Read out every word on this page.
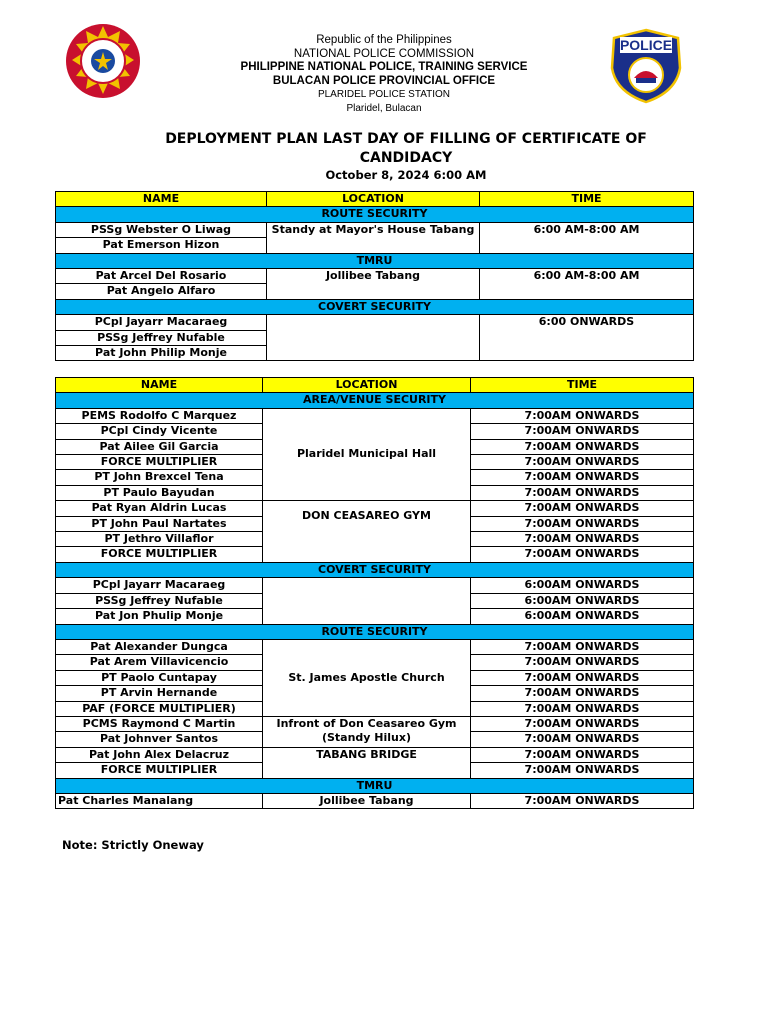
POLICE
Republic of the Philippines
NATIONAL POLICE COMMISSION
PHILIPPINE NATIONAL POLICE, TRAINING SERVICE
BULACAN POLICE PROVINCIAL OFFICE
PLARIDEL POLICE STATION
Plaridel, Bulacan
DEPLOYMENT PLAN LAST DAY OF FILLING OF CERTIFICATE OF CANDIDACY
October 8, 2024 6:00 AM
NAME	LOCATION	TIME
ROUTE SECURITY		
PSSg Webster O Liwag	Standy at Mayor's House Tabang	6:00 AM-8:00 AM
Pat Emerson Hizon		
TMRU		
Pat Arcel Del Rosario	Jollibee Tabang	6:00 AM-8:00 AM
Pat Angelo Alfaro		
COVERT SECURITY		
PCpl Jayarr Macaraeg		6:00 ONWARDS
PSSg Jeffrey Nufable		
Pat John Philip Monje		
NAME	LOCATION	TIME
AREA/VENUE SECURITY		
PEMS Rodolfo C Marquez	Plaridel Municipal Hall	7:00AM ONWARDS
PCpl Cindy Vicente		7:00AM ONWARDS
Pat Ailee Gil Garcia		7:00AM ONWARDS
FORCE MULTIPLIER		7:00AM ONWARDS
PT John Brexcel Tena		7:00AM ONWARDS
PT Paulo Bayudan		7:00AM ONWARDS
Pat Ryan Aldrin Lucas	DON CEASAREO GYM	7:00AM ONWARDS
PT John Paul Nartates		7:00AM ONWARDS
PT Jethro Villaflor		7:00AM ONWARDS
FORCE MULTIPLIER		7:00AM ONWARDS
COVERT SECURITY		
PCpl Jayarr Macaraeg		6:00AM ONWARDS
PSSg Jeffrey Nufable		6:00AM ONWARDS
Pat Jon Phulip Monje		6:00AM ONWARDS
ROUTE SECURITY		
Pat Alexander Dungca	St. James Apostle Church	7:00AM ONWARDS
Pat Arem Villavicencio		7:00AM ONWARDS
PT Paolo Cuntapay		7:00AM ONWARDS
PT Arvin Hernande		7:00AM ONWARDS
PAF (FORCE MULTIPLIER)		7:00AM ONWARDS
PCMS Raymond C Martin	Infront of Don Ceasareo Gym (Standy Hilux)	7:00AM ONWARDS
Pat Johnver Santos		7:00AM ONWARDS
Pat John Alex Delacruz	TABANG BRIDGE	7:00AM ONWARDS
FORCE MULTIPLIER		7:00AM ONWARDS
TMRU		
Pat Charles Manalang	Jollibee Tabang	7:00AM ONWARDS
Note: Strictly Oneway
